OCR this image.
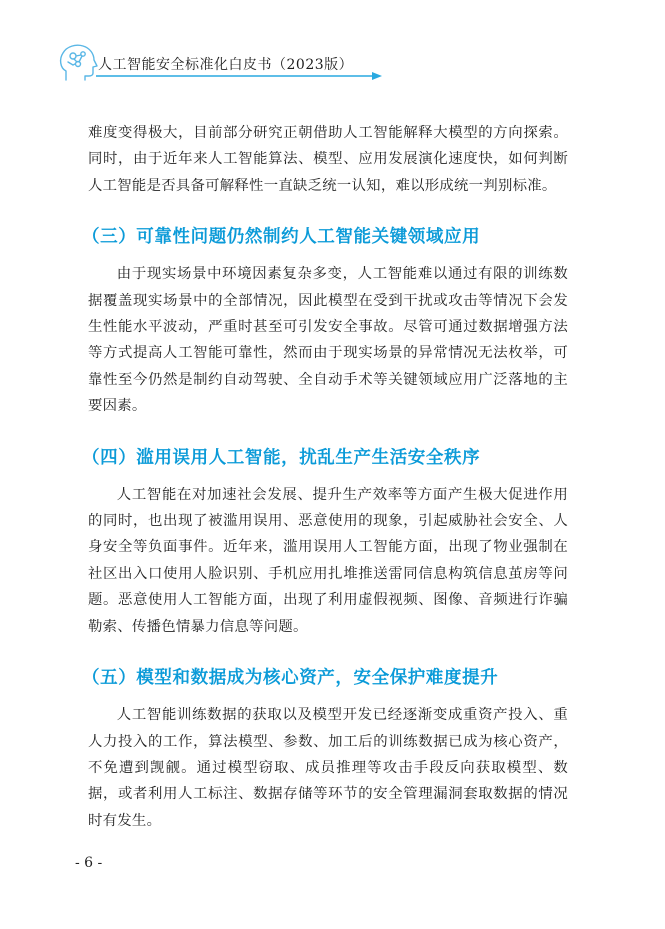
人工智能安全标准化白皮书（2023版）

难度变得极大，目前部分研究正朝借助人工智能解释大模型的方向探索。同时，由于近年来人工智能算法、模型、应用发展演化速度快，如何判断人工智能是否具备可解释性一直缺乏统一认知，难以形成统一判别标准。

（三）可靠性问题仍然制约人工智能关键领域应用

由于现实场景中环境因素复杂多变，人工智能难以通过有限的训练数据覆盖现实场景中的全部情况，因此模型在受到干扰或攻击等情况下会发生性能水平波动，严重时甚至可引发安全事故。尽管可通过数据增强方法等方式提高人工智能可靠性，然而由于现实场景的异常情况无法枚举，可靠性至今仍然是制约自动驾驶、全自动手术等关键领域应用广泛落地的主要因素。

（四）滥用误用人工智能，扰乱生产生活安全秩序

人工智能在对加速社会发展、提升生产效率等方面产生极大促进作用的同时，也出现了被滥用误用、恶意使用的现象，引起威胁社会安全、人身安全等负面事件。近年来，滥用误用人工智能方面，出现了物业强制在社区出入口使用人脸识别、手机应用扎堆推送雷同信息构筑信息茧房等问题。恶意使用人工智能方面，出现了利用虚假视频、图像、音频进行诈骗勒索、传播色情暴力信息等问题。

（五）模型和数据成为核心资产，安全保护难度提升

人工智能训练数据的获取以及模型开发已经逐渐变成重资产投入、重人力投入的工作，算法模型、参数、加工后的训练数据已成为核心资产，不免遭到觊觎。通过模型窃取、成员推理等攻击手段反向获取模型、数据，或者利用人工标注、数据存储等环节的安全管理漏洞套取数据的情况时有发生。

- 6 -
